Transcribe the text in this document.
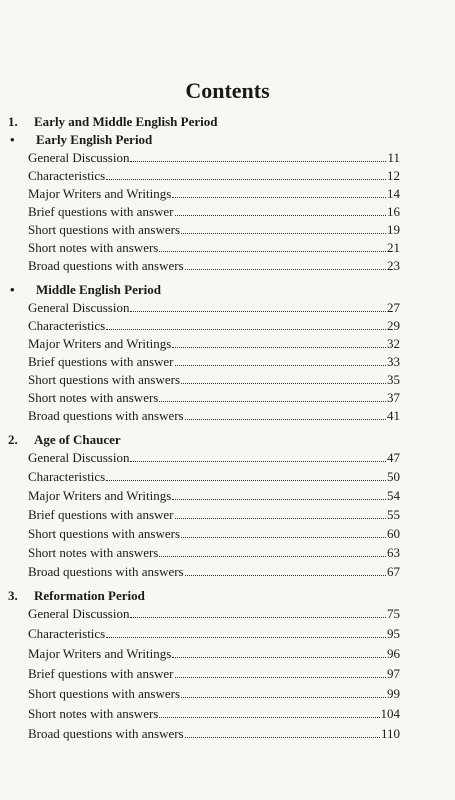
Contents
1.	Early and Middle English Period
•	Early English Period
General Discussion	11
Characteristics	12
Major Writers and Writings	14
Brief questions with answer	16
Short questions with answers	19
Short notes with answers	21
Broad questions with answers	23
•	Middle English Period
General Discussion	27
Characteristics	29
Major Writers and Writings	32
Brief questions with answer	33
Short questions with answers	35
Short notes with answers	37
Broad questions with answers	41
2.	Age of Chaucer
General Discussion	47
Characteristics	50
Major Writers and Writings	54
Brief questions with answer	55
Short questions with answers	60
Short notes with answers	63
Broad questions with answers	67
3.	Reformation Period
General Discussion	75
Characteristics	95
Major Writers and Writings	96
Brief questions with answer	97
Short questions with answers	99
Short notes with answers	104
Broad questions with answers	110
